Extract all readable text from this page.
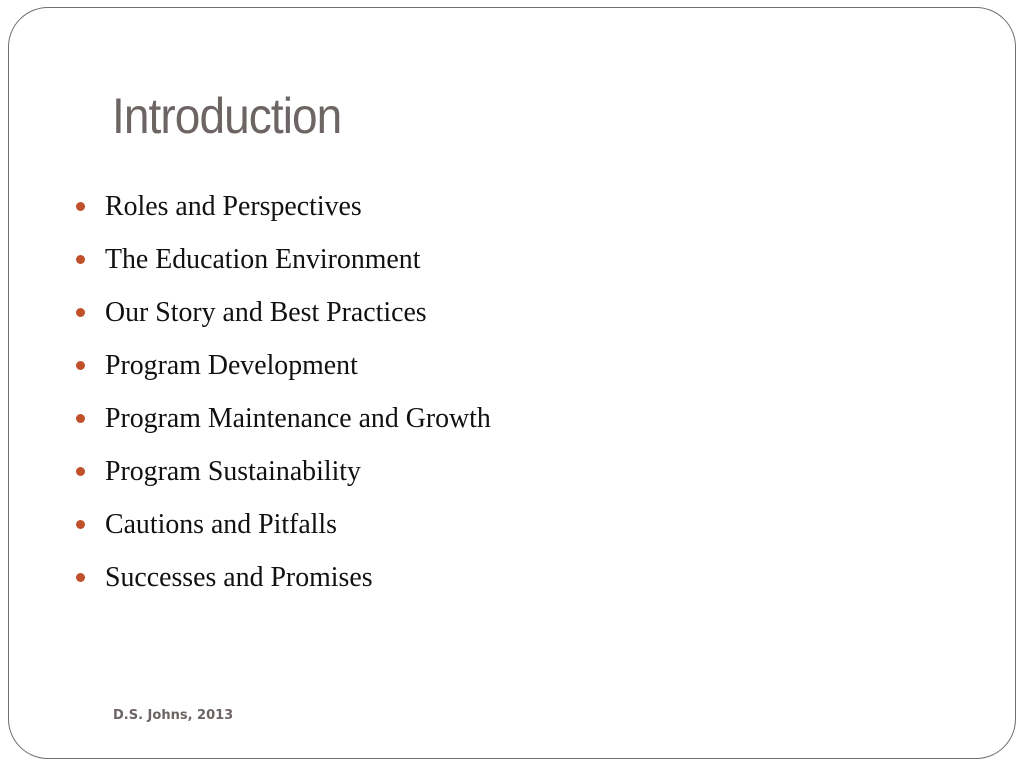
Introduction
Roles and Perspectives
The Education Environment
Our Story and Best Practices
Program Development
Program Maintenance and Growth
Program Sustainability
Cautions and Pitfalls
Successes and Promises
D.S. Johns, 2013
